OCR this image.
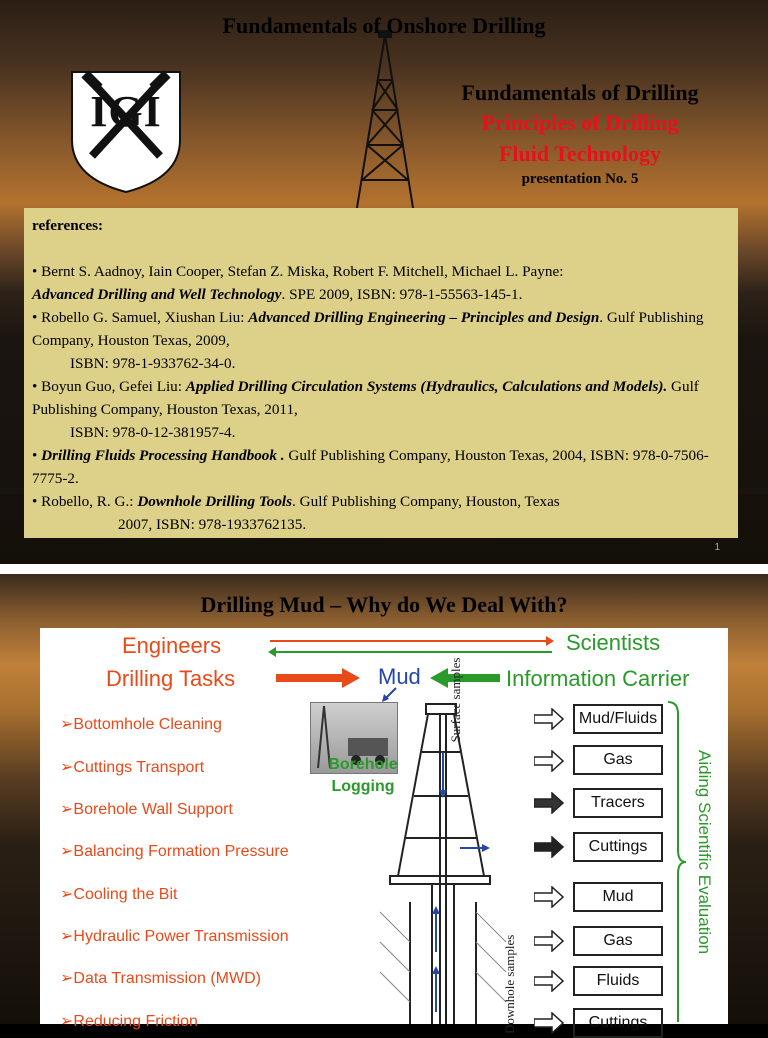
Fundamentals of Onshore Drilling
IGI	Fundamentals of Drilling
Principles of Drilling
Fluid Technology
presentation No. 5

references:

• Bernt S. Aadnoy, Iain Cooper, Stefan Z. Miska, Robert F. Mitchell, Michael L. Payne:
Advanced Drilling and Well Technology. SPE 2009, ISBN: 978-1-55563-145-1.

• Robello G. Samuel, Xiushan Liu: Advanced Drilling Engineering – Principles and Design. Gulf Publishing Company, Houston Texas, 2009,

ISBN: 978-1-933762-34-0.

• Boyun Guo, Gefei Liu: Applied Drilling Circulation Systems (Hydraulics, Calculations and Models). Gulf Publishing Company, Houston Texas, 2011,

ISBN: 978-0-12-381957-4.

• Drilling Fluids Processing Handbook . Gulf Publishing Company, Houston Texas, 2004, ISBN: 978-0-7506-7775-2.

• Robello, R. G.: Downhole Drilling Tools. Gulf Publishing Company, Houston, Texas

2007, ISBN: 978-1933762135.

1
Drilling Mud – Why do We Deal With?
Engineers	Scientists
Drilling Tasks	Mud	Information Carrier
➢Bottomhole Cleaning
➢Cuttings Transport
➢Borehole Wall Support
➢Balancing Formation Pressure
➢Cooling the Bit
➢Hydraulic Power Transmission
➢Data Transmission (MWD)
➢Reducing Friction
Borehole
Logging
Surface samples
Downhole samples
Mud/Fluids
Gas
Tracers
Cuttings
Mud
Gas
Fluids
Cuttings
Aiding Scientific Evaluation
